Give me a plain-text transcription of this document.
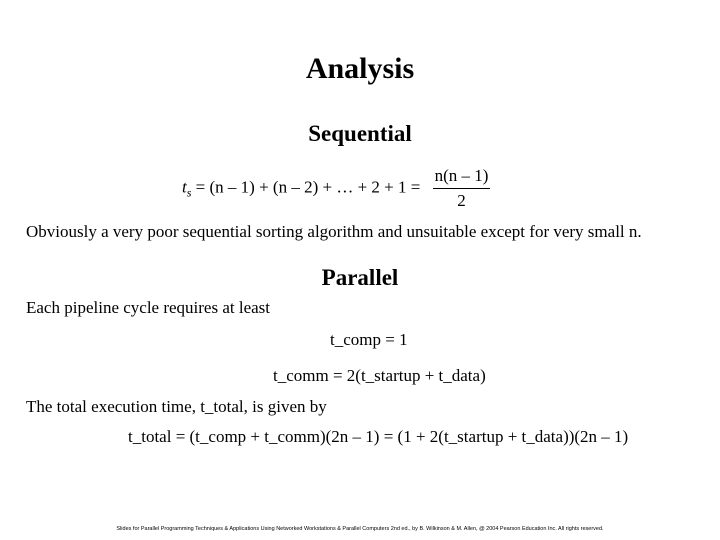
Analysis
Sequential
$t_s = (n - 1) + (n - 2)$ + … + $2 + 1 = \frac{n(n - 1)}{2}$
Obviously a very poor sequential sorting algorithm and unsuitable except for very small n.
Parallel
Each pipeline cycle requires at least
t_comp = 1
t_comm = 2(t_startup + t_data)
The total execution time, t_total, is given by
t_total = (t_comp + t_comm)(2n – 1) = (1 + 2(t_startup + t_data))(2n – 1)
Slides for Parallel Programming Techniques & Applications Using Networked Workstations & Parallel Computers 2nd ed., by B. Wilkinson & M. Allen, @ 2004 Pearson Education Inc. All rights reserved.
